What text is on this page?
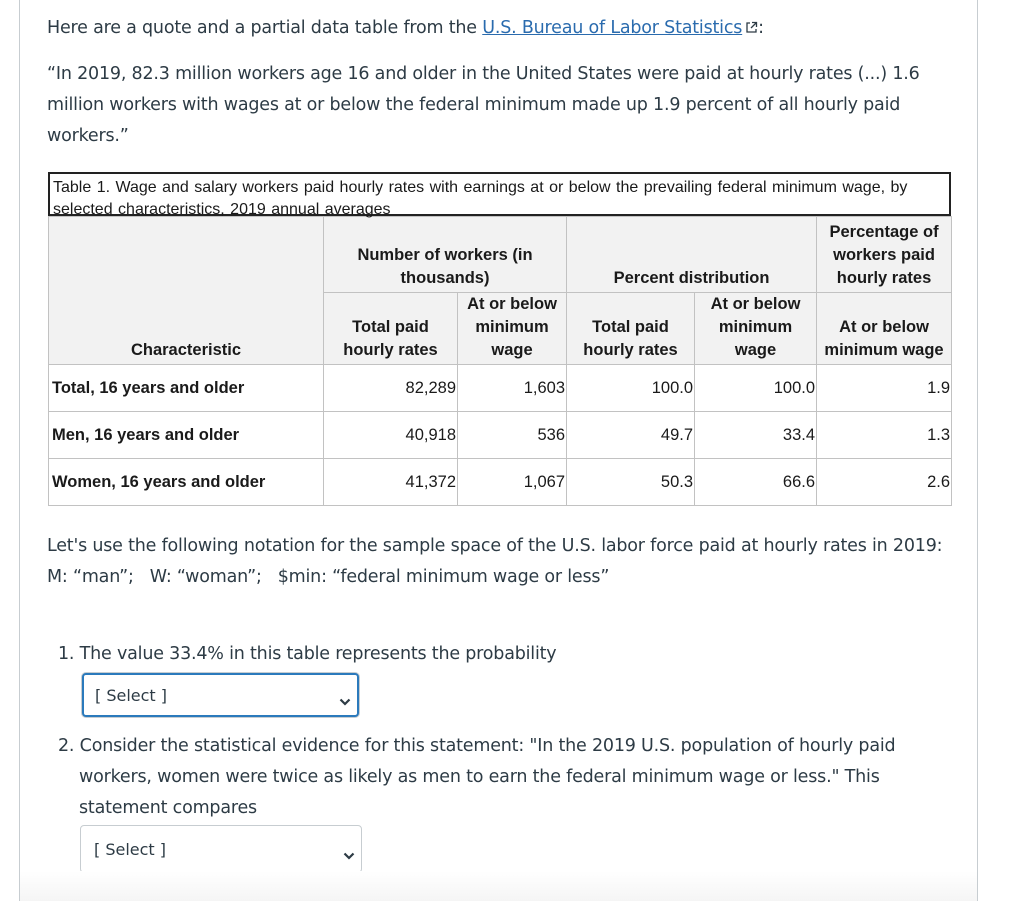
Here are a quote and a partial data table from the U.S. Bureau of Labor Statistics :
“In 2019, 82.3 million workers age 16 and older in the United States were paid at hourly rates (...) 1.6 million workers with wages at or below the federal minimum made up 1.9 percent of all hourly paid workers.”
Table 1. Wage and salary workers paid hourly rates with earnings at or below the prevailing federal minimum wage, by selected characteristics, 2019 annual averages
Characteristic	Number of workers (in thousands)		Percent distribution		Percentage of workers paid hourly rates
	Total paid hourly rates	At or below minimum wage	Total paid hourly rates	At or below minimum wage	At or below minimum wage
Total, 16 years and older	82,289	1,603	100.0	100.0	1.9
Men, 16 years and older	40,918	536	49.7	33.4	1.3
Women, 16 years and older	41,372	1,067	50.3	66.6	2.6
Let's use the following notation for the sample space of the U.S. labor force paid at hourly rates in 2019:
M: “man”;   W: “woman”;   $min: “federal minimum wage or less”
1. The value 33.4% in this table represents the probability
[ Select ]
2. Consider the statistical evidence for this statement: "In the 2019 U.S. population of hourly paid
workers, women were twice as likely as men to earn the federal minimum wage or less." This statement compares
[ Select ]
